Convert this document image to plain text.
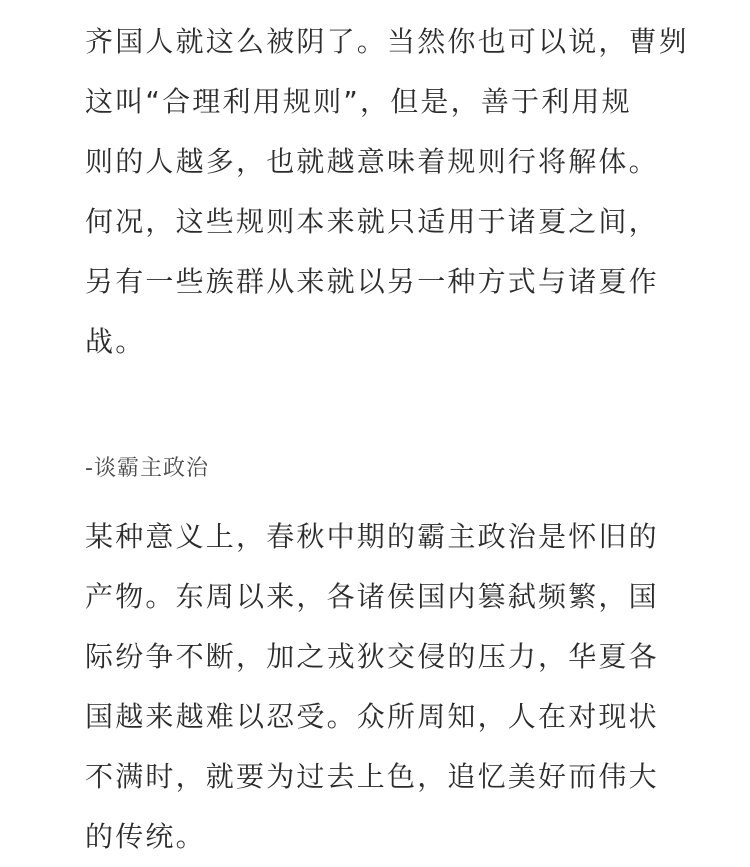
齐国人就这么被阴了。当然你也可以说，曹刿
这叫“合理利用规则”，但是，善于利用规
则的人越多，也就越意味着规则行将解体。
何况，这些规则本来就只适用于诸夏之间，
另有一些族群从来就以另一种方式与诸夏作
战。

-谈霸主政治

某种意义上，春秋中期的霸主政治是怀旧的
产物。东周以来，各诸侯国内篡弑频繁，国
际纷争不断，加之戎狄交侵的压力，华夏各
国越来越难以忍受。众所周知，人在对现状
不满时，就要为过去上色，追忆美好而伟大
的传统。
